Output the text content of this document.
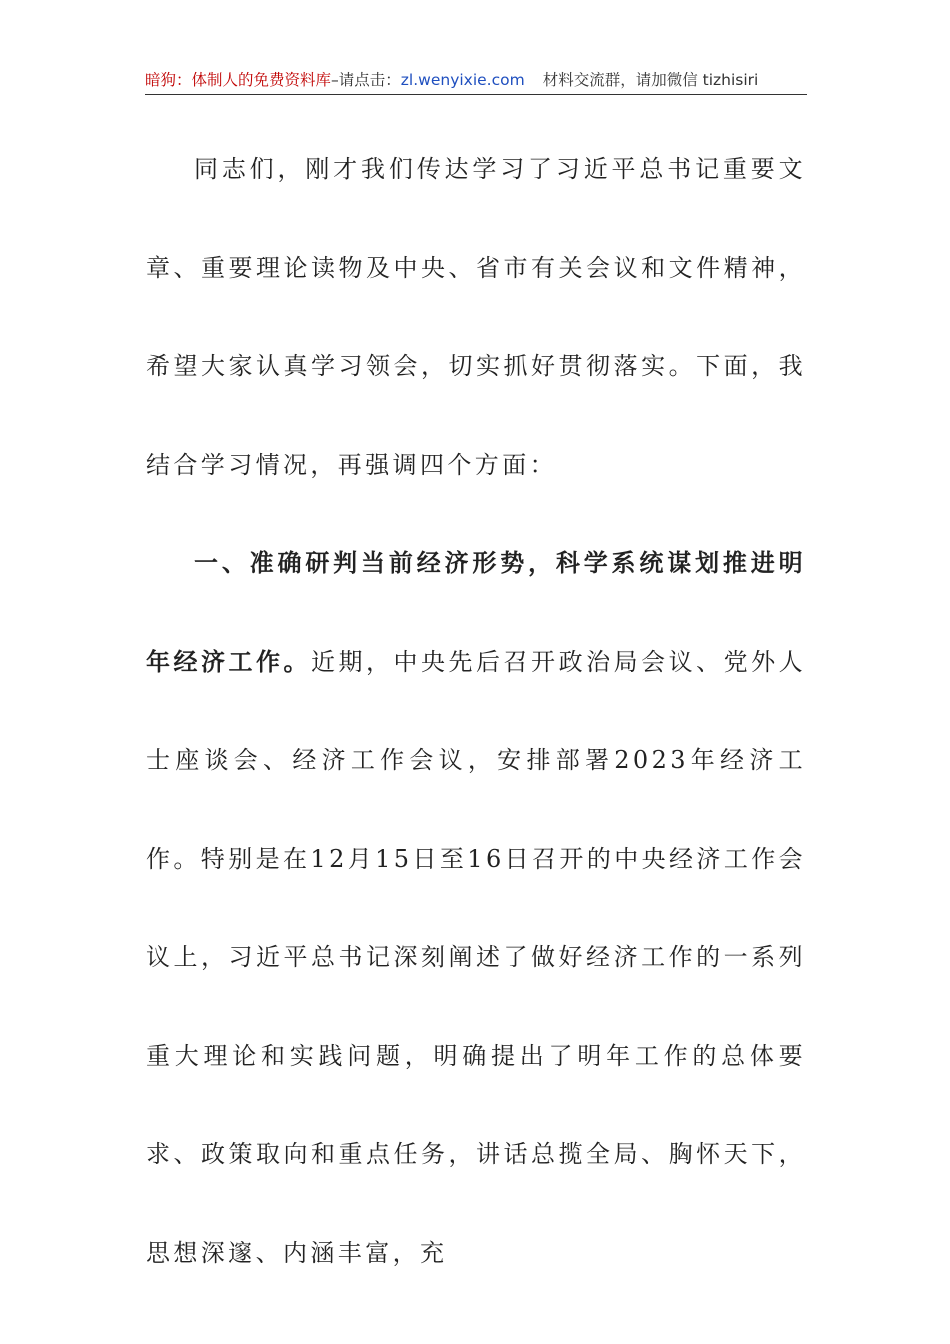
暗狗：体制人的免费资料库–请点击：zl.wenyixie.com 材料交流群，请加微信 tizhisiri

同志们，刚才我们传达学习了习近平总书记重要文章、重要理论读物及中央、省市有关会议和文件精神，希望大家认真学习领会，切实抓好贯彻落实。下面，我结合学习情况，再强调四个方面：

一、准确研判当前经济形势，科学系统谋划推进明年经济工作。近期，中央先后召开政治局会议、党外人士座谈会、经济工作会议，安排部署2023年经济工作。特别是在12月15日至16日召开的中央经济工作会议上，习近平总书记深刻阐述了做好经济工作的一系列重大理论和实践问题，明确提出了明年工作的总体要求、政策取向和重点任务，讲话总揽全局、胸怀天下，思想深邃、内涵丰富，充
